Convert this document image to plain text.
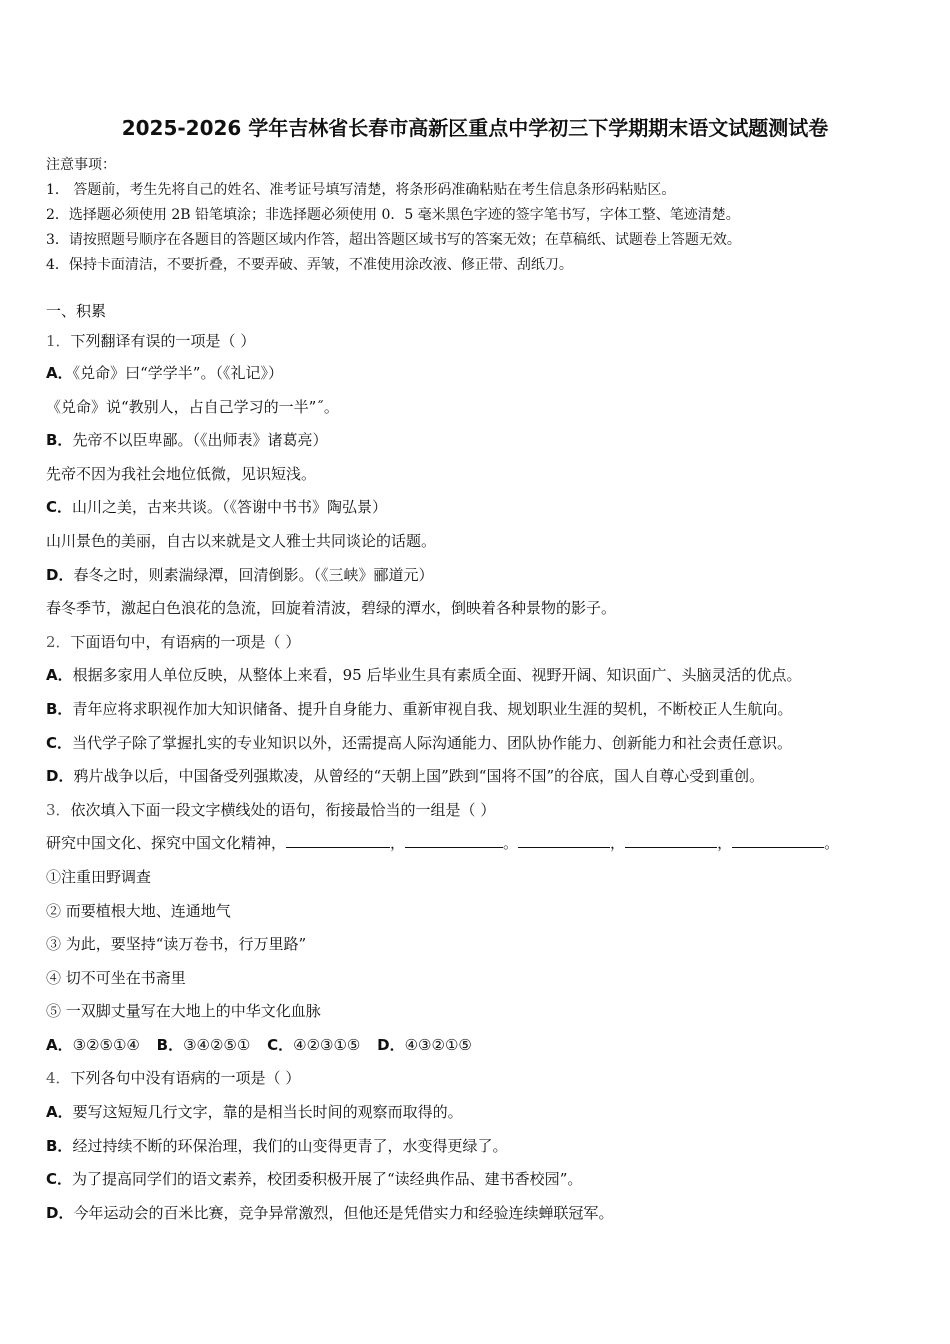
2025-2026 学年吉林省长春市高新区重点中学初三下学期期末语文试题测试卷
注意事项：
1． 答题前，考生先将自己的姓名、准考证号填写清楚，将条形码准确粘贴在考生信息条形码粘贴区。
2．选择题必须使用 2B 铅笔填涂；非选择题必须使用 0．5 毫米黑色字迹的签字笔书写，字体工整、笔迹清楚。
3．请按照题号顺序在各题目的答题区域内作答，超出答题区域书写的答案无效；在草稿纸、试题卷上答题无效。
4．保持卡面清洁，不要折叠，不要弄破、弄皱，不准使用涂改液、修正带、刮纸刀。
一、积累
1．下列翻译有误的一项是（ ）
A．《兑命》曰“学学半”。（《礼记》）
《兑命》说“教别人，占自己学习的一半”˝。
B．先帝不以臣卑鄙。（《出师表》诸葛亮）
先帝不因为我社会地位低微，见识短浅。
C．山川之美，古来共谈。（《答谢中书书》陶弘景）
山川景色的美丽，自古以来就是文人雅士共同谈论的话题。
D．春冬之时，则素湍绿潭，回清倒影。（《三峡》郦道元）
春冬季节，激起白色浪花的急流，回旋着清波，碧绿的潭水，倒映着各种景物的影子。
2．下面语句中，有语病的一项是（ ）
A．根据多家用人单位反映，从整体上来看，95 后毕业生具有素质全面、视野开阔、知识面广、头脑灵活的优点。
B．青年应将求职视作加大知识储备、提升自身能力、重新审视自我、规划职业生涯的契机，不断校正人生航向。
C．当代学子除了掌握扎实的专业知识以外，还需提高人际沟通能力、团队协作能力、创新能力和社会责任意识。
D．鸦片战争以后，中国备受列强欺凌，从曾经的“天朝上国”跌到“国将不国”的谷底，国人自尊心受到重创。
3．依次填入下面一段文字横线处的语句，衔接最恰当的一组是（ ）
研究中国文化、探究中国文化精神，	，	。	，	，	。
①注重田野调查
② 而要植根大地、连通地气
③ 为此，要坚持“读万卷书，行万里路”
④ 切不可坐在书斋里
⑤ 一双脚丈量写在大地上的中华文化血脉
A．③②⑤①④ B．③④②⑤① C．④②③①⑤ D．④③②①⑤
4．下列各句中没有语病的一项是（ ）
A．要写这短短几行文字，靠的是相当长时间的观察而取得的。
B．经过持续不断的环保治理，我们的山变得更青了，水变得更绿了。
C．为了提高同学们的语文素养，校团委积极开展了“读经典作品、建书香校园”。
D．今年运动会的百米比赛，竞争异常激烈，但他还是凭借实力和经验连续蝉联冠军。
